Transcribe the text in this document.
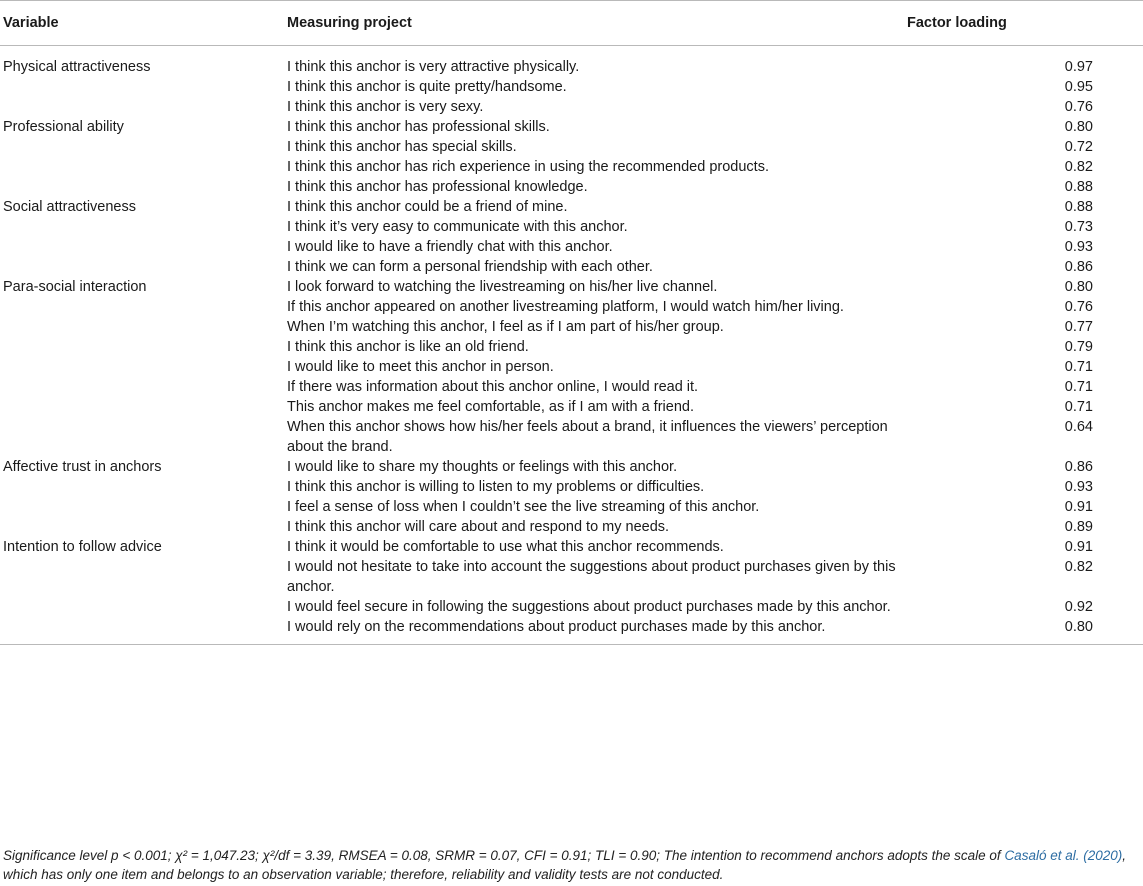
Variable	Measuring project	Factor loading
Physical attractiveness	I think this anchor is very attractive physically.	0.97
	I think this anchor is quite pretty/handsome.	0.95
	I think this anchor is very sexy.	0.76
Professional ability	I think this anchor has professional skills.	0.80
	I think this anchor has special skills.	0.72
	I think this anchor has rich experience in using the recommended products.	0.82
	I think this anchor has professional knowledge.	0.88
Social attractiveness	I think this anchor could be a friend of mine.	0.88
	I think it’s very easy to communicate with this anchor.	0.73
	I would like to have a friendly chat with this anchor.	0.93
	I think we can form a personal friendship with each other.	0.86
Para-social interaction	I look forward to watching the livestreaming on his/her live channel.	0.80
	If this anchor appeared on another livestreaming platform, I would watch him/her living.	0.76
	When I’m watching this anchor, I feel as if I am part of his/her group.	0.77
	I think this anchor is like an old friend.	0.79
	I would like to meet this anchor in person.	0.71
	If there was information about this anchor online, I would read it.	0.71
	This anchor makes me feel comfortable, as if I am with a friend.	0.71
	When this anchor shows how his/her feels about a brand, it influences the viewers’ perception about the brand.	0.64
Affective trust in anchors	I would like to share my thoughts or feelings with this anchor.	0.86
	I think this anchor is willing to listen to my problems or difficulties.	0.93
	I feel a sense of loss when I couldn’t see the live streaming of this anchor.	0.91
	I think this anchor will care about and respond to my needs.	0.89
Intention to follow advice	I think it would be comfortable to use what this anchor recommends.	0.91
	I would not hesitate to take into account the suggestions about product purchases given by this anchor.	0.82
	I would feel secure in following the suggestions about product purchases made by this anchor.	0.92
	I would rely on the recommendations about product purchases made by this anchor.	0.80
Significance level p < 0.001; χ² = 1,047.23; χ²/df = 3.39, RMSEA = 0.08, SRMR = 0.07, CFI = 0.91; TLI = 0.90; The intention to recommend anchors adopts the scale of Casaló et al. (2020), which has only one item and belongs to an observation variable; therefore, reliability and validity tests are not conducted.
